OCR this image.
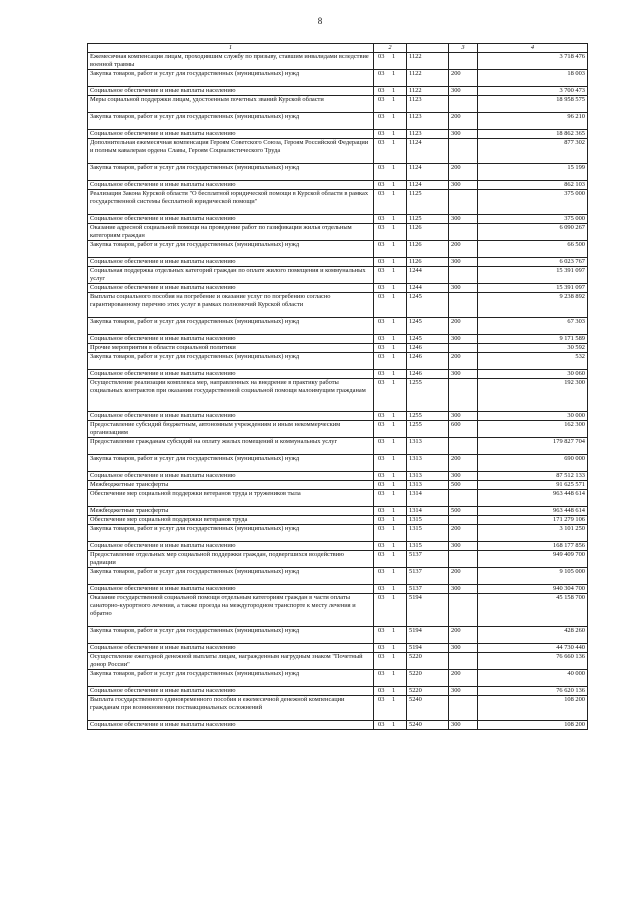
8
1	2		3	4
Ежемесячная компенсация лицам, проходившим службу по призыву, ставшим инвалидами вследствие военной травмы	03 1	1122		3 718 476
Закупка товаров, работ и услуг для государственных (муниципальных) нужд	03 1	1122	200	18 003
Социальное обеспечение и иные выплаты населению	03 1	1122	300	3 700 473
Меры социальной поддержки лицам, удостоенным почетных званий Курской области	03 1	1123		18 958 575
Закупка товаров, работ и услуг для государственных (муниципальных) нужд	03 1	1123	200	96 210
Социальное обеспечение и иные выплаты населению	03 1	1123	300	18 862 365
Дополнительная ежемесячная компенсация Героям Советского Союза, Героям Российской Федерации и полным кавалерам ордена Славы, Героям Социалистического Труда	03 1	1124		877 302
Закупка товаров, работ и услуг для государственных (муниципальных) нужд	03 1	1124	200	15 199
Социальное обеспечение и иные выплаты населению	03 1	1124	300	862 103
Реализация Закона Курской области "О бесплатной юридической помощи в Курской области в рамках государственной системы бесплатной юридической помощи"	03 1	1125		375 000
Социальное обеспечение и иные выплаты населению	03 1	1125	300	375 000
Оказание адресной социальной помощи на проведение работ по газификации жилья отдельным категориям граждан	03 1	1126		6 090 267
Закупка товаров, работ и услуг для государственных (муниципальных) нужд	03 1	1126	200	66 500
Социальное обеспечение и иные выплаты населению	03 1	1126	300	6 023 767
Социальная поддержка отдельных категорий граждан по оплате жилого помещения и коммунальных услуг	03 1	1244		15 391 097
Социальное обеспечение и иные выплаты населению	03 1	1244	300	15 391 097
Выплаты социального пособия на погребение и оказание услуг по погребению согласно гарантированному перечню этих услуг в рамках полномочий Курской области	03 1	1245		9 238 892
Закупка товаров, работ и услуг для государственных (муниципальных) нужд	03 1	1245	200	67 303
Социальное обеспечение и иные выплаты населению	03 1	1245	300	9 171 589
Прочие мероприятия в области социальной политики	03 1	1246		30 592
Закупка товаров, работ и услуг для государственных (муниципальных) нужд	03 1	1246	200	532
Социальное обеспечение и иные выплаты населению	03 1	1246	300	30 060
Осуществление реализации комплекса мер, направленных на внедрение в практику работы социальных контрактов при оказании государственной социальной помощи малоимущим гражданам	03 1	1255		192 300
Социальное обеспечение и иные выплаты населению	03 1	1255	300	30 000
Предоставление субсидий бюджетным, автономным учреждениям и иным некоммерческим организациям	03 1	1255	600	162 300
Предоставление гражданам субсидий на оплату жилых помещений и коммунальных услуг	03 1	1313		179 827 704
Закупка товаров, работ и услуг для государственных (муниципальных) нужд	03 1	1313	200	690 000
Социальное обеспечение и иные выплаты населению	03 1	1313	300	87 512 133
Межбюджетные трансферты	03 1	1313	500	91 625 571
Обеспечение мер социальной поддержки ветеранов труда и тружеников тыла	03 1	1314		963 448 614
Межбюджетные трансферты	03 1	1314	500	963 448 614
Обеспечение мер социальной поддержки ветеранов труда	03 1	1315		171 279 106
Закупка товаров, работ и услуг для государственных (муниципальных) нужд	03 1	1315	200	3 101 250
Социальное обеспечение и иные выплаты населению	03 1	1315	300	168 177 856
Предоставление отдельных мер социальной поддержки граждан, подвергшихся воздействию радиации	03 1	5137		949 409 700
Закупка товаров, работ и услуг для государственных (муниципальных) нужд	03 1	5137	200	9 105 000
Социальное обеспечение и иные выплаты населению	03 1	5137	300	940 304 700
Оказание государственной социальной помощи отдельным категориям граждан в части оплаты санаторно-курортного лечения, а также проезда на междугородном транспорте к месту лечения и обратно	03 1	5194		45 158 700
Закупка товаров, работ и услуг для государственных (муниципальных) нужд	03 1	5194	200	428 260
Социальное обеспечение и иные выплаты населению	03 1	5194	300	44 730 440
Осуществление ежегодной денежной выплаты лицам, награжденным нагрудным знаком "Почетный донор России"	03 1	5220		76 660 136
Закупка товаров, работ и услуг для государственных (муниципальных) нужд	03 1	5220	200	40 000
Социальное обеспечение и иные выплаты населению	03 1	5220	300	76 620 136
Выплата государственного единовременного пособия и ежемесячной денежной компенсации гражданам при возникновении поствакцинальных осложнений	03 1	5240		108 200
Социальное обеспечение и иные выплаты населению	03 1	5240	300	108 200
